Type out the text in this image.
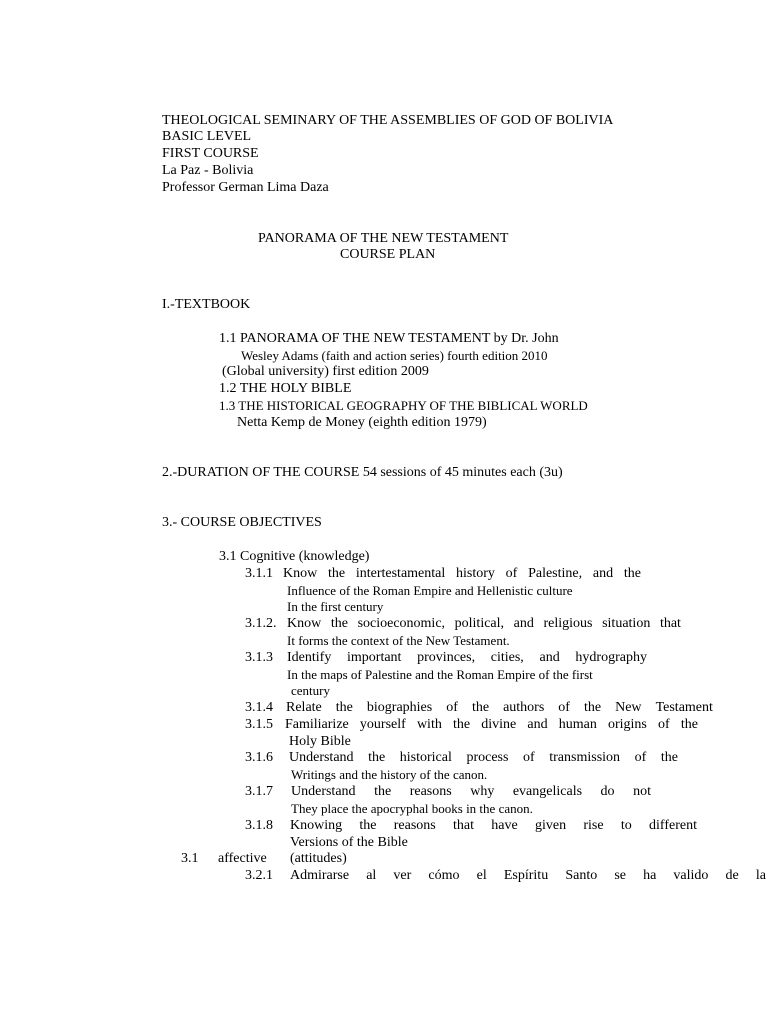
THEOLOGICAL SEMINARY OF THE ASSEMBLIES OF GOD OF BOLIVIA
BASIC LEVEL
FIRST COURSE
La Paz - Bolivia
Professor German Lima Daza
PANORAMA OF THE NEW TESTAMENT
COURSE PLAN
I.-TEXTBOOK
1.1 PANORAMA OF THE NEW TESTAMENT by Dr. John
Wesley Adams (faith and action series) fourth edition 2010
(Global university) first edition 2009
1.2 THE HOLY BIBLE
1.3 THE HISTORICAL GEOGRAPHY OF THE BIBLICAL WORLD
Netta Kemp de Money (eighth edition 1979)
2.-DURATION OF THE COURSE 54 sessions of 45 minutes each (3u)
3.- COURSE OBJECTIVES
3.1 Cognitive (knowledge)
3.1.1 Know the intertestamental history of Palestine, and the
Influence of the Roman Empire and Hellenistic culture
In the first century
3.1.2. Know the socioeconomic, political, and religious situation that
It forms the context of the New Testament.
3.1.3 Identify important provinces, cities, and hydrography
In the maps of Palestine and the Roman Empire of the first
century
3.1.4 Relate the biographies of the authors of the New Testament
3.1.5 Familiarize yourself with the divine and human origins of the
Holy Bible
3.1.6 Understand the historical process of transmission of the
Writings and the history of the canon.
3.1.7 Understand the reasons why evangelicals do not
They place the apocryphal books in the canon.
3.1.8 Knowing the reasons that have given rise to different
Versions of the Bible
3.1 affective (attitudes)
3.2.1 Admirarse al ver cómo el Espíritu Santo se ha valido de la
